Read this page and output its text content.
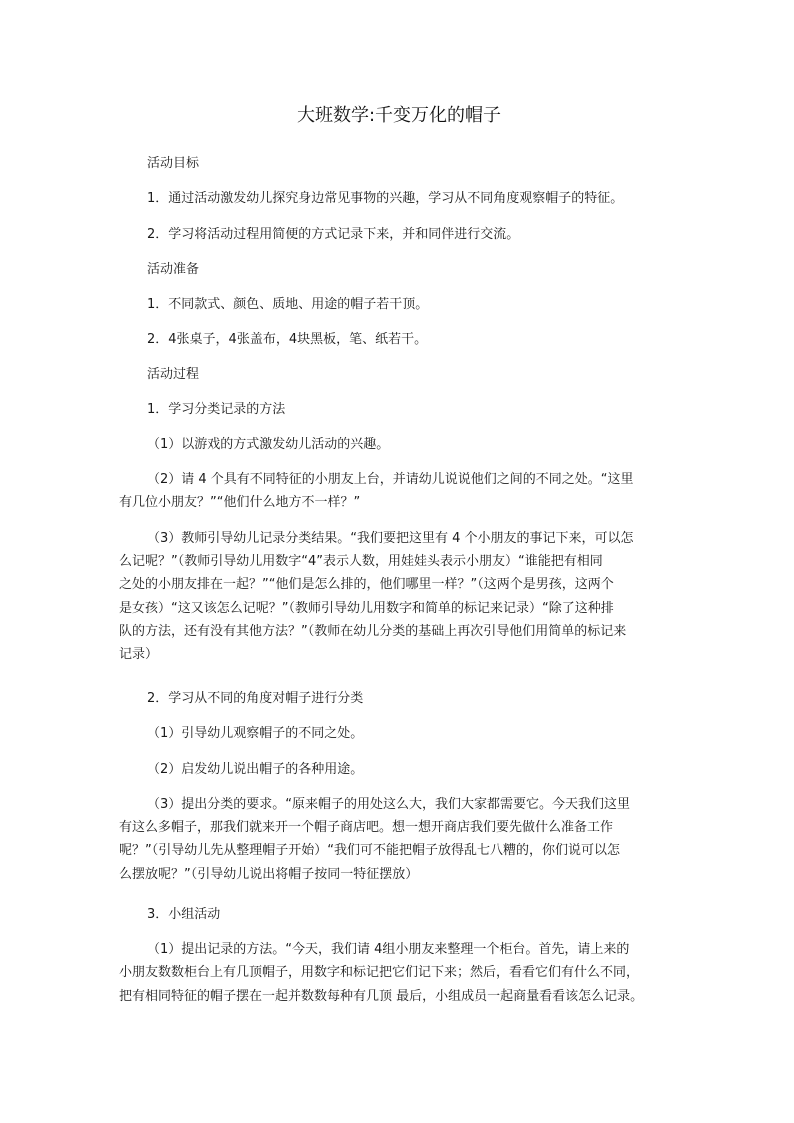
大班数学:千变万化的帽子

活动目标

1．通过活动激发幼儿探究身边常见事物的兴趣，学习从不同角度观察帽子的特征。

2．学习将活动过程用简便的方式记录下来，并和同伴进行交流。

活动准备

1．不同款式、颜色、质地、用途的帽子若干顶。

2．4张桌子，4张盖布，4块黑板，笔、纸若干。

活动过程

1．学习分类记录的方法

（1）以游戏的方式激发幼儿活动的兴趣。

（2）请 4 个具有不同特征的小朋友上台，并请幼儿说说他们之间的不同之处。“这里

有几位小朋友？”“他们什么地方不一样？”

（3）教师引导幼儿记录分类结果。“我们要把这里有 4 个小朋友的事记下来，可以怎

么记呢？”（教师引导幼儿用数字“4”表示人数，用娃娃头表示小朋友）“谁能把有相同

之处的小朋友排在一起？”“他们是怎么排的，他们哪里一样？”（这两个是男孩，这两个

是女孩）“这又该怎么记呢？”（教师引导幼儿用数字和简单的标记来记录）“除了这种排

队的方法，还有没有其他方法？”（教师在幼儿分类的基础上再次引导他们用简单的标记来

记录）

2．学习从不同的角度对帽子进行分类

（1）引导幼儿观察帽子的不同之处。

（2）启发幼儿说出帽子的各种用途。

（3）提出分类的要求。“原来帽子的用处这么大，我们大家都需要它。今天我们这里

有这么多帽子，那我们就来开一个帽子商店吧。想一想开商店我们要先做什么准备工作

呢？”（引导幼儿先从整理帽子开始）“我们可不能把帽子放得乱七八糟的，你们说可以怎

么摆放呢？”（引导幼儿说出将帽子按同一特征摆放）

3．小组活动

（1）提出记录的方法。“今天，我们请 4组小朋友来整理一个柜台。首先，请上来的

小朋友数数柜台上有几顶帽子，用数字和标记把它们记下来；然后，看看它们有什么不同，

把有相同特征的帽子摆在一起并数数每种有几顶 最后，小组成员一起商量看看该怎么记录。
